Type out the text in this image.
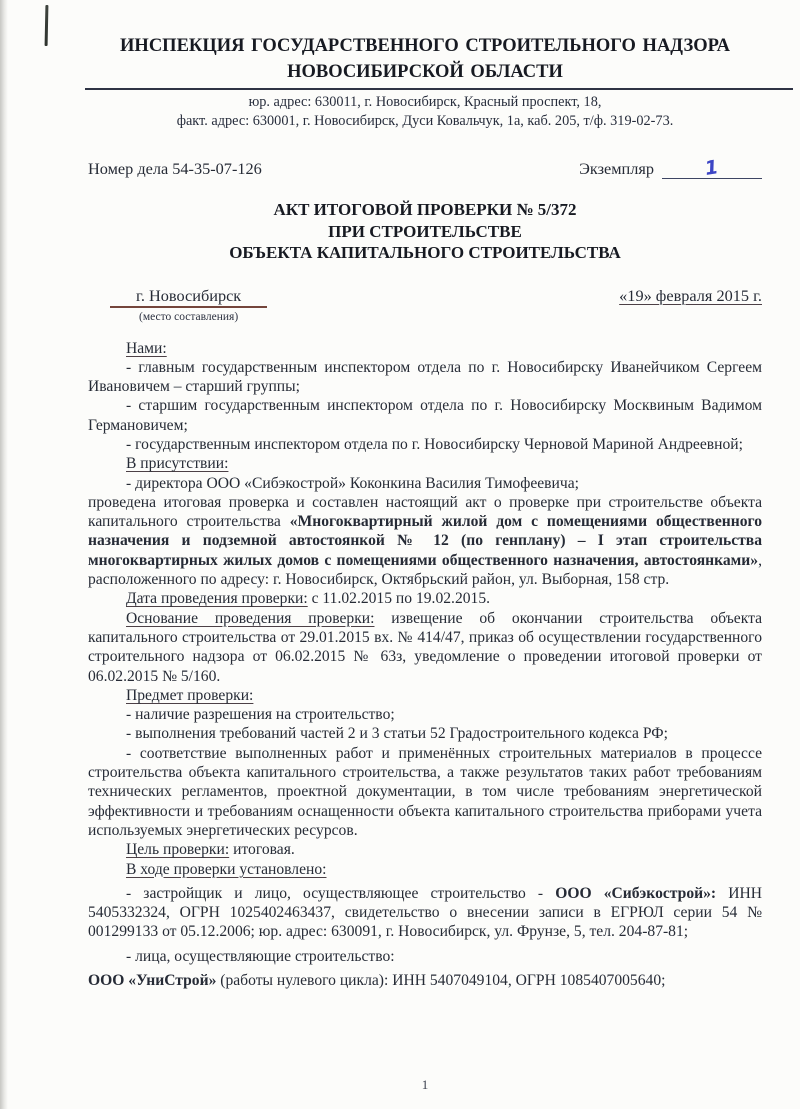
ИНСПЕКЦИЯ ГОСУДАРСТВЕННОГО СТРОИТЕЛЬНОГО НАДЗОРА
НОВОСИБИРСКОЙ ОБЛАСТИ
юр. адрес: 630011, г. Новосибирск, Красный проспект, 18,
факт. адрес: 630001, г. Новосибирск, Дуси Ковальчук, 1а, каб. 205, т/ф. 319-02-73.
Номер дела 54-35-07-126	Экземпляр	1
АКТ ИТОГОВОЙ ПРОВЕРКИ № 5/372
ПРИ СТРОИТЕЛЬСТВЕ
ОБЪЕКТА КАПИТАЛЬНОГО СТРОИТЕЛЬСТВА
г. Новосибирск
(место составления)
«19» февраля 2015 г.

Нами:

- главным государственным инспектором отдела по г. Новосибирску Иванейчиком Сергеем Ивановичем – старший группы;

- старшим государственным инспектором отдела по г. Новосибирску Москвиным Вадимом Германовичем;

- государственным инспектором отдела по г. Новосибирску Черновой Мариной Андреевной;

В присутствии:

- директора ООО «Сибэкострой» Коконкина Василия Тимофеевича;

проведена итоговая проверка и составлен настоящий акт о проверке при строительстве объекта капитального строительства «Многоквартирный жилой дом с помещениями общественного назначения и подземной автостоянкой № 12 (по генплану) – I этап строительства многоквартирных жилых домов с помещениями общественного назначения, автостоянками», расположенного по адресу: г. Новосибирск, Октябрьский район, ул. Выборная, 158 стр.

Дата проведения проверки: с 11.02.2015 по 19.02.2015.

Основание проведения проверки: извещение об окончании строительства объекта капитального строительства от 29.01.2015 вх. № 414/47, приказ об осуществлении государственного строительного надзора от 06.02.2015 № 63з, уведомление о проведении итоговой проверки от 06.02.2015 № 5/160.

Предмет проверки:

- наличие разрешения на строительство;

- выполнения требований частей 2 и 3 статьи 52 Градостроительного кодекса РФ;

- соответствие выполненных работ и применённых строительных материалов в процессе строительства объекта капитального строительства, а также результатов таких работ требованиям технических регламентов, проектной документации, в том числе требованиям энергетической эффективности и требованиям оснащенности объекта капитального строительства приборами учета используемых энергетических ресурсов.

Цель проверки: итоговая.

В ходе проверки установлено:

- застройщик и лицо, осуществляющее строительство - ООО «Сибэкострой»: ИНН 5405332324, ОГРН 1025402463437, свидетельство о внесении записи в ЕГРЮЛ серии 54 № 001299133 от 05.12.2006; юр. адрес: 630091, г. Новосибирск, ул. Фрунзе, 5, тел. 204-87-81;

- лица, осуществляющие строительство:

ООО «УниСтрой» (работы нулевого цикла): ИНН 5407049104, ОГРН 1085407005640;

1
